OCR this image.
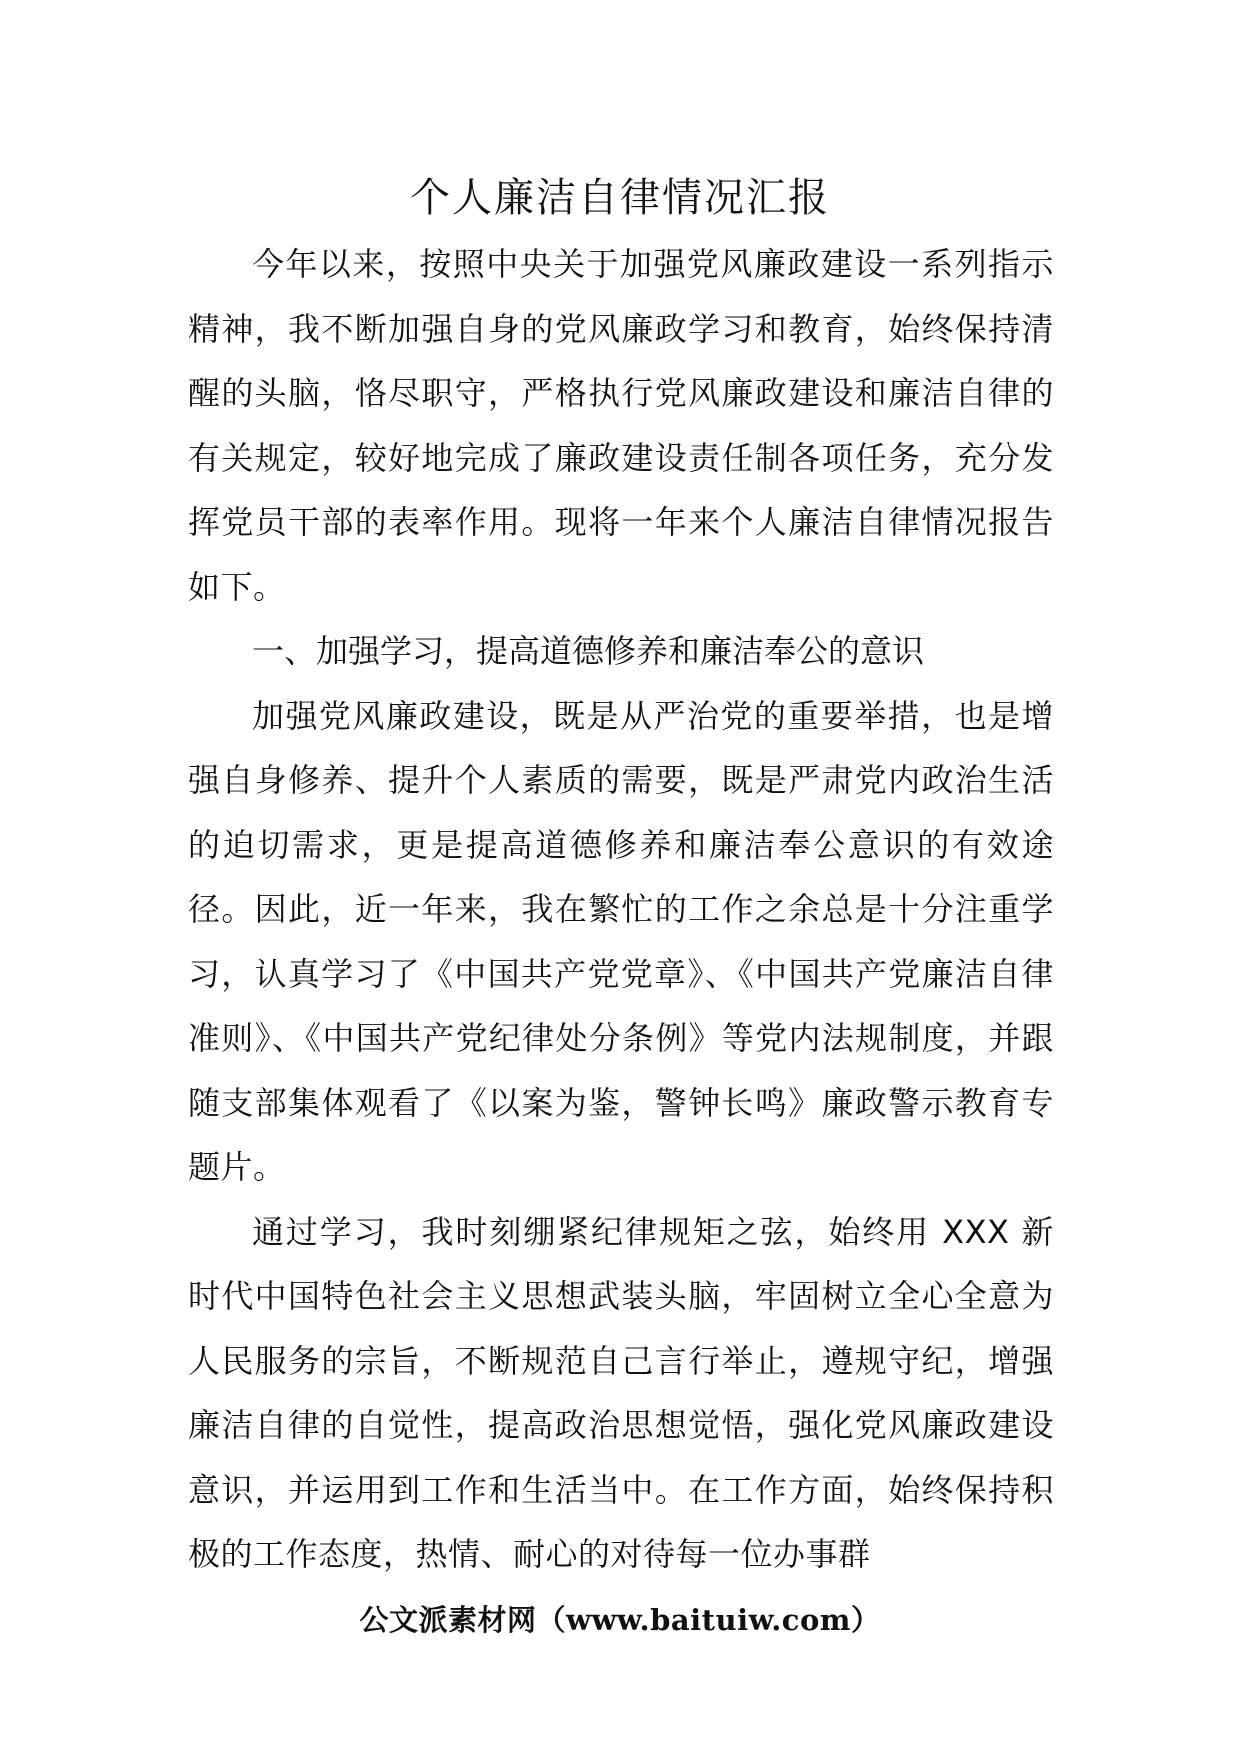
个人廉洁自律情况汇报

今年以来，按照中央关于加强党风廉政建设一系列指示精神，我不断加强自身的党风廉政学习和教育，始终保持清醒的头脑，恪尽职守，严格执行党风廉政建设和廉洁自律的有关规定，较好地完成了廉政建设责任制各项任务，充分发挥党员干部的表率作用。现将一年来个人廉洁自律情况报告如下。

一、加强学习，提高道德修养和廉洁奉公的意识

加强党风廉政建设，既是从严治党的重要举措，也是增强自身修养、提升个人素质的需要，既是严肃党内政治生活的迫切需求，更是提高道德修养和廉洁奉公意识的有效途径。因此，近一年来，我在繁忙的工作之余总是十分注重学习，认真学习了《中国共产党党章》、《中国共产党廉洁自律准则》、《中国共产党纪律处分条例》等党内法规制度，并跟随支部集体观看了《以案为鉴，警钟长鸣》廉政警示教育专题片。

通过学习，我时刻绷紧纪律规矩之弦，始终用 XXX 新时代中国特色社会主义思想武装头脑，牢固树立全心全意为人民服务的宗旨，不断规范自己言行举止，遵规守纪，增强廉洁自律的自觉性，提高政治思想觉悟，强化党风廉政建设意识，并运用到工作和生活当中。在工作方面，始终保持积极的工作态度，热情、耐心的对待每一位办事群

公文派素材网（www.baituiw.com）
